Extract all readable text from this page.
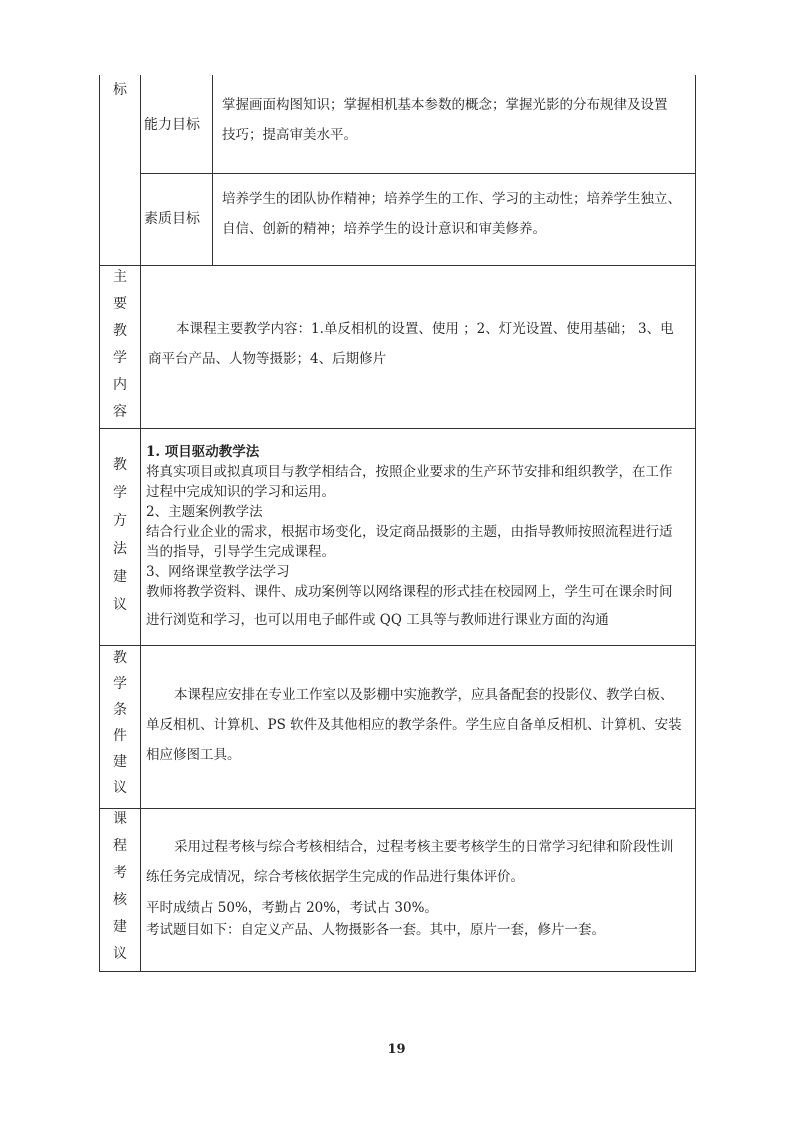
标
能力目标
掌握画面构图知识；掌握相机基本参数的概念；掌握光影的分布规律及设置
技巧；提高审美水平。
素质目标
培养学生的团队协作精神；培养学生的工作、学习的主动性；培养学生独立、
自信、创新的精神；培养学生的设计意识和审美修养。
主
要
教
学
内
容
本课程主要教学内容：1.单反相机的设置、使用 ；2、灯光设置、使用基础； 3、电
商平台产品、人物等摄影；4、后期修片
教
学
方
法
建
议
1. 项目驱动教学法
将真实项目或拟真项目与教学相结合，按照企业要求的生产环节安排和组织教学，在工作
过程中完成知识的学习和运用。
2、主题案例教学法
结合行业企业的需求，根据市场变化，设定商品摄影的主题，由指导教师按照流程进行适
当的指导，引导学生完成课程。
3、网络课堂教学法学习
教师将教学资料、课件、成功案例等以网络课程的形式挂在校园网上，学生可在课余时间
进行浏览和学习，也可以用电子邮件或 QQ 工具等与教师进行课业方面的沟通
教
学
条
件
建
议
本课程应安排在专业工作室以及影棚中实施教学，应具备配套的投影仪、教学白板、
单反相机、计算机、PS 软件及其他相应的教学条件。学生应自备单反相机、计算机、安装
相应修图工具。
课
程
考
核
建
议
采用过程考核与综合考核相结合，过程考核主要考核学生的日常学习纪律和阶段性训
练任务完成情况，综合考核依据学生完成的作品进行集体评价。
平时成绩占 50%，考勤占 20%，考试占 30%。
考试题目如下：自定义产品、人物摄影各一套。其中，原片一套，修片一套。
19
